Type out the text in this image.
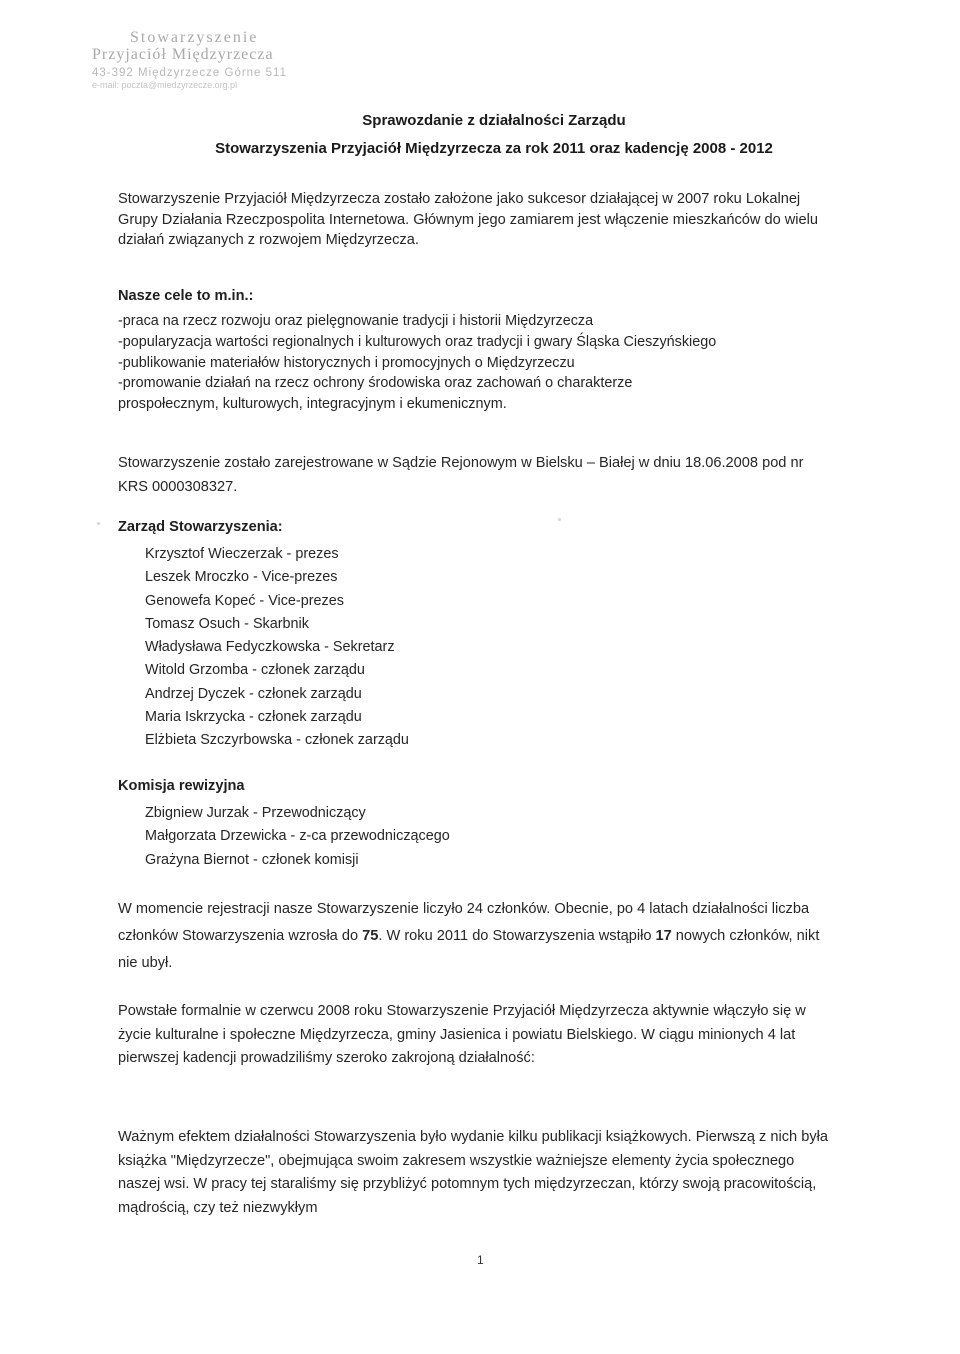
Stowarzyszenie
Przyjaciół Międzyrzecza
43-392 Międzyrzecze Górne 511
e-mail: poczta@miedzyrzecze.org.pl
Sprawozdanie z działalności Zarządu
Stowarzyszenia Przyjaciół Międzyrzecza za rok 2011 oraz kadencję 2008 - 2012

Stowarzyszenie Przyjaciół Międzyrzecza zostało założone jako sukcesor działającej w 2007 roku Lokalnej Grupy Działania Rzeczpospolita Internetowa. Głównym jego zamiarem jest włączenie mieszkańców do wielu działań związanych z rozwojem Międzyrzecza.

Nasze cele to m.in.:

-praca na rzecz rozwoju oraz pielęgnowanie tradycji i historii Międzyrzecza
-popularyzacja wartości regionalnych i kulturowych oraz tradycji i gwary Śląska Cieszyńskiego
-publikowanie materiałów historycznych i promocyjnych o Międzyrzeczu
-promowanie działań na rzecz ochrony środowiska oraz zachowań o charakterze prospołecznym, kulturowych, integracyjnym i ekumenicznym.

Stowarzyszenie zostało zarejestrowane w Sądzie Rejonowym w Bielsku – Białej w dniu 18.06.2008 pod nr KRS 0000308327.

Zarząd Stowarzyszenia:

Krzysztof Wieczerzak - prezes
Leszek Mroczko - Vice-prezes
Genowefa Kopeć - Vice-prezes
Tomasz Osuch - Skarbnik
Władysława Fedyczkowska - Sekretarz
Witold Grzomba - członek zarządu
Andrzej Dyczek - członek zarządu
Maria Iskrzycka - członek zarządu
Elżbieta Szczyrbowska - członek zarządu

Komisja rewizyjna

Zbigniew Jurzak - Przewodniczący
Małgorzata Drzewicka - z-ca przewodniczącego
Grażyna Biernot - członek komisji

W momencie rejestracji nasze Stowarzyszenie liczyło 24 członków. Obecnie, po 4 latach działalności liczba członków Stowarzyszenia wzrosła do 75. W roku 2011 do Stowarzyszenia wstąpiło 17 nowych członków, nikt nie ubył.

Powstałe formalnie w czerwcu 2008 roku Stowarzyszenie Przyjaciół Międzyrzecza aktywnie włączyło się w życie kulturalne i społeczne Międzyrzecza, gminy Jasienica i powiatu Bielskiego. W ciągu minionych 4 lat pierwszej kadencji prowadziliśmy szeroko zakrojoną działalność:

Ważnym efektem działalności Stowarzyszenia było wydanie kilku publikacji książkowych. Pierwszą z nich była książka "Międzyrzecze", obejmująca swoim zakresem wszystkie ważniejsze elementy życia społecznego naszej wsi. W pracy tej staraliśmy się przybliżyć potomnym tych międzyrzeczan, którzy swoją pracowitością, mądrością, czy też niezwykłym

1
